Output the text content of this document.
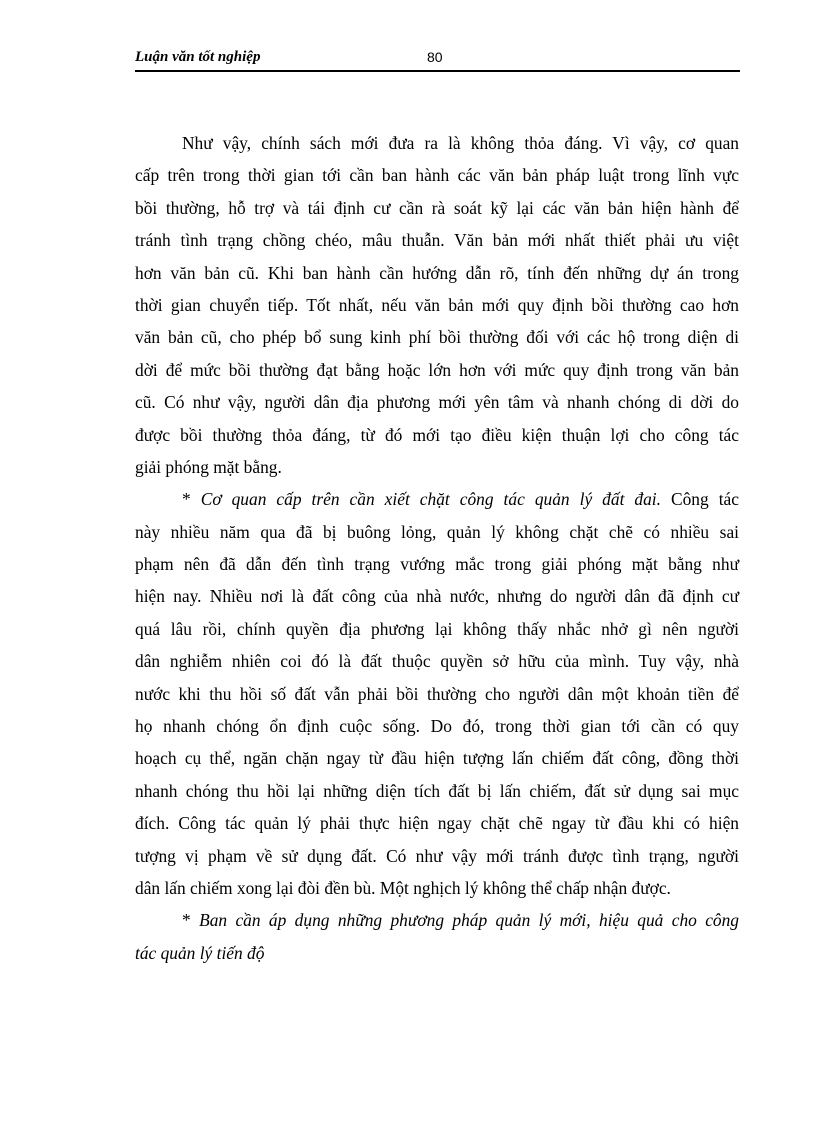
Luận văn tốt nghiệp	80
Như vậy, chính sách mới đưa ra là không thỏa đáng. Vì vậy, cơ quan
cấp trên trong thời gian tới cần ban hành các văn bản pháp luật trong lĩnh vực
bồi thường, hỗ trợ và tái định cư cần rà soát kỹ lại các văn bản hiện hành để
tránh tình trạng chồng chéo, mâu thuẫn. Văn bản mới nhất thiết phải ưu việt
hơn văn bản cũ. Khi ban hành cần hướng dẫn rõ, tính đến những dự án trong
thời gian chuyển tiếp. Tốt nhất, nếu văn bản mới quy định bồi thường cao hơn
văn bản cũ, cho phép bổ sung kinh phí bồi thường đối với các hộ trong diện di
dời để mức bồi thường đạt bằng hoặc lớn hơn với mức quy định trong văn bản
cũ. Có như vậy, người dân địa phương mới yên tâm và nhanh chóng di dời do
được bồi thường thỏa đáng, từ đó mới tạo điều kiện thuận lợi cho công tác
giải phóng mặt bằng.
* Cơ quan cấp trên cần xiết chặt công tác quản lý đất đai. Công tác
này nhiều năm qua đã bị buông lỏng, quản lý không chặt chẽ có nhiều sai
phạm nên đã dẫn đến tình trạng vướng mắc trong giải phóng mặt bằng như
hiện nay. Nhiều nơi là đất công của nhà nước, nhưng do người dân đã định cư
quá lâu rồi, chính quyền địa phương lại không thấy nhắc nhở gì nên người
dân nghiễm nhiên coi đó là đất thuộc quyền sở hữu của mình. Tuy vậy, nhà
nước khi thu hồi số đất vẫn phải bồi thường cho người dân một khoản tiền để
họ nhanh chóng ổn định cuộc sống. Do đó, trong thời gian tới cần có quy
hoạch cụ thể, ngăn chặn ngay từ đầu hiện tượng lấn chiếm đất công, đồng thời
nhanh chóng thu hồi lại những diện tích đất bị lấn chiếm, đất sử dụng sai mục
đích. Công tác quản lý phải thực hiện ngay chặt chẽ ngay từ đầu khi có hiện
tượng vị phạm về sử dụng đất. Có như vậy mới tránh được tình trạng, người
dân lấn chiếm xong lại đòi đền bù. Một nghịch lý không thể chấp nhận được.
* Ban cần áp dụng những phương pháp quản lý mới, hiệu quả cho công
tác quản lý tiến độ
